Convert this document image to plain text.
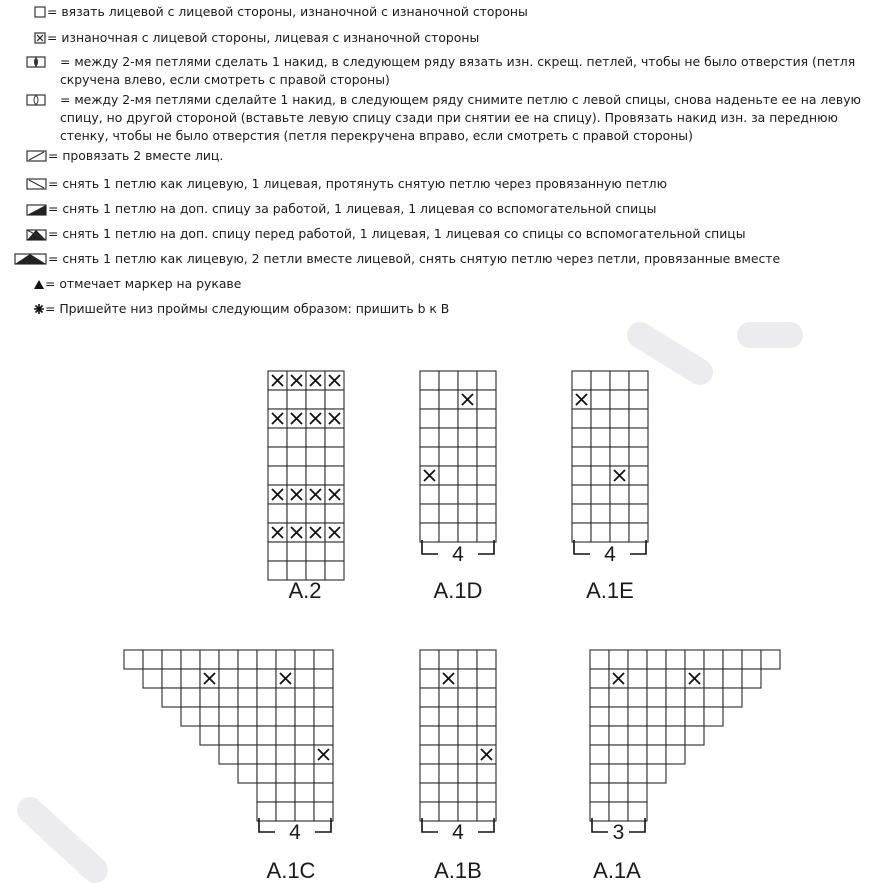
= вязать лицевой с лицевой стороны, изнаночной с изнаночной стороны
= изнаночная с лицевой стороны, лицевая с изнаночной стороны
= между 2-мя петлями сделать 1 накид, в следующем ряду вязать изн. скрещ. петлей, чтобы не было отверстия (петля скручена влево, если смотреть с правой стороны)
= между 2-мя петлями сделайте 1 накид, в следующем ряду снимите петлю с левой спицы, снова наденьте ее на левую спицу, но другой стороной (вставьте левую спицу сзади при снятии ее на спицу). Провязать накид изн. за переднюю стенку, чтобы не было отверстия (петля перекручена вправо, если смотреть с правой стороны)
= провязать 2 вместе лиц.
= снять 1 петлю как лицевую, 1 лицевая, протянуть снятую петлю через провязанную петлю
= снять 1 петлю на доп. спицу за работой, 1 лицевая, 1 лицевая со вспомогательной спицы
= снять 1 петлю на доп. спицу перед работой, 1 лицевая, 1 лицевая со спицы со вспомогательной спицы
= снять 1 петлю как лицевую, 2 петли вместе лицевой, снять снятую петлю через петли, провязанные вместе
= отмечает маркер на рукаве
= Пришейте низ проймы следующим образом: пришить b к B
A.2
4
A.1D
4
A.1E
4
A.1C
4
A.1B
3
A.1A
